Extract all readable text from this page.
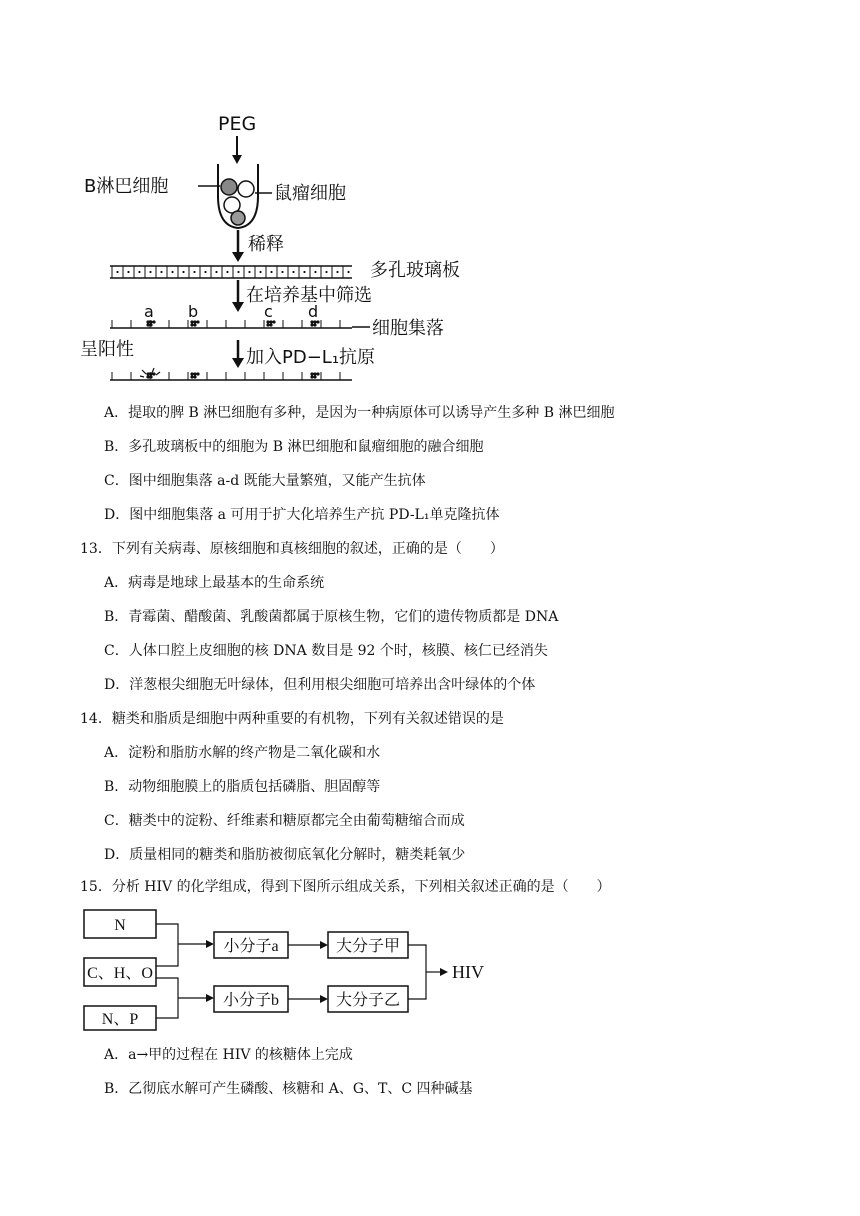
PEG
B淋巴细胞	鼠瘤细胞
稀释
多孔玻璃板
在培养基中筛选
a b	c d
细胞集落
呈阳性	加入PD−L₁抗原
A．提取的脾 B 淋巴细胞有多种，是因为一种病原体可以诱导产生多种 B 淋巴细胞
B．多孔玻璃板中的细胞为 B 淋巴细胞和鼠瘤细胞的融合细胞
C．图中细胞集落 a-d 既能大量繁殖，又能产生抗体
D．图中细胞集落 a 可用于扩大化培养生产抗 PD-L₁单克隆抗体
13．下列有关病毒、原核细胞和真核细胞的叙述，正确的是（　　）
A．病毒是地球上最基本的生命系统
B．青霉菌、醋酸菌、乳酸菌都属于原核生物，它们的遗传物质都是 DNA
C．人体口腔上皮细胞的核 DNA 数目是 92 个时，核膜、核仁已经消失
D．洋葱根尖细胞无叶绿体，但利用根尖细胞可培养出含叶绿体的个体
14．糖类和脂质是细胞中两种重要的有机物，下列有关叙述错误的是
A．淀粉和脂肪水解的终产物是二氧化碳和水
B．动物细胞膜上的脂质包括磷脂、胆固醇等
C．糖类中的淀粉、纤维素和糖原都完全由葡萄糖缩合而成
D．质量相同的糖类和脂肪被彻底氧化分解时，糖类耗氧少
15．分析 HIV 的化学组成，得到下图所示组成关系，下列相关叙述正确的是（　　）
N
C、H、O
N、P
小分子a
小分子b
大分子甲
大分子乙
HIV
A．a→甲的过程在 HIV 的核糖体上完成
B．乙彻底水解可产生磷酸、核糖和 A、G、T、C 四种碱基
